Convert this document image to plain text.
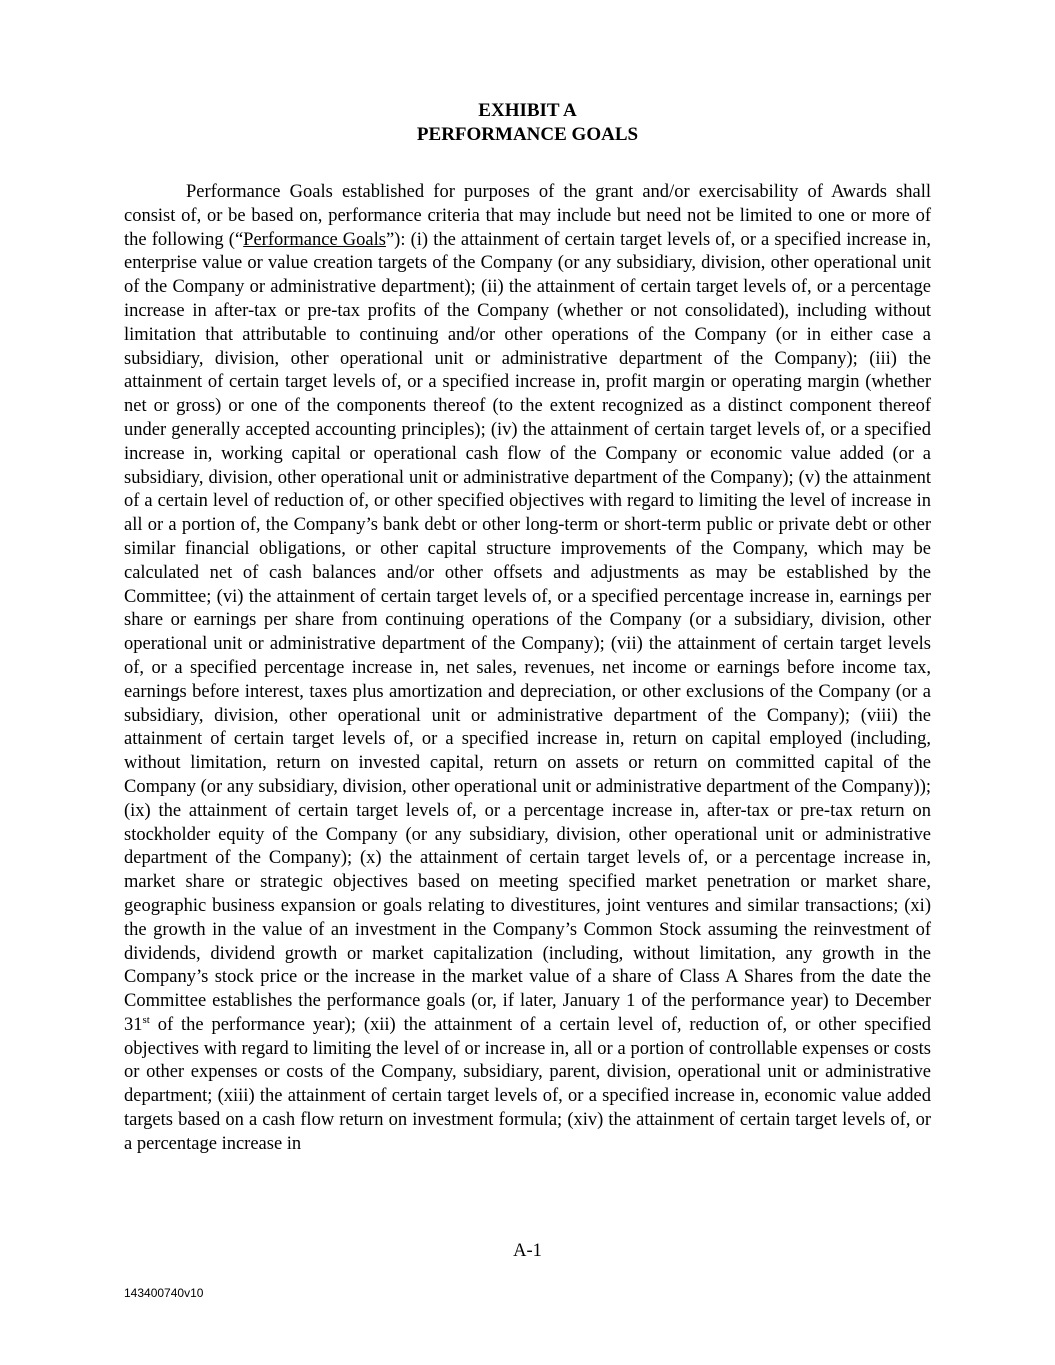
EXHIBIT A
PERFORMANCE GOALS

Performance Goals established for purposes of the grant and/or exercisability of Awards shall consist of, or be based on, performance criteria that may include but need not be limited to one or more of the following (“Performance Goals”): (i) the attainment of certain target levels of, or a specified increase in, enterprise value or value creation targets of the Company (or any subsidiary, division, other operational unit of the Company or administrative department); (ii) the attainment of certain target levels of, or a percentage increase in after-tax or pre-tax profits of the Company (whether or not consolidated), including without limitation that attributable to continuing and/or other operations of the Company (or in either case a subsidiary, division, other operational unit or administrative department of the Company); (iii) the attainment of certain target levels of, or a specified increase in, profit margin or operating margin (whether net or gross) or one of the components thereof (to the extent recognized as a distinct component thereof under generally accepted accounting principles); (iv) the attainment of certain target levels of, or a specified increase in, working capital or operational cash flow of the Company or economic value added (or a subsidiary, division, other operational unit or administrative department of the Company); (v) the attainment of a certain level of reduction of, or other specified objectives with regard to limiting the level of increase in all or a portion of, the Company’s bank debt or other long-term or short-term public or private debt or other similar financial obligations, or other capital structure improvements of the Company, which may be calculated net of cash balances and/or other offsets and adjustments as may be established by the Committee; (vi) the attainment of certain target levels of, or a specified percentage increase in, earnings per share or earnings per share from continuing operations of the Company (or a subsidiary, division, other operational unit or administrative department of the Company); (vii) the attainment of certain target levels of, or a specified percentage increase in, net sales, revenues, net income or earnings before income tax, earnings before interest, taxes plus amortization and depreciation, or other exclusions of the Company (or a subsidiary, division, other operational unit or administrative department of the Company); (viii) the attainment of certain target levels of, or a specified increase in, return on capital employed (including, without limitation, return on invested capital, return on assets or return on committed capital of the Company (or any subsidiary, division, other operational unit or administrative department of the Company)); (ix) the attainment of certain target levels of, or a percentage increase in, after-tax or pre-tax return on stockholder equity of the Company (or any subsidiary, division, other operational unit or administrative department of the Company); (x) the attainment of certain target levels of, or a percentage increase in, market share or strategic objectives based on meeting specified market penetration or market share, geographic business expansion or goals relating to divestitures, joint ventures and similar transactions; (xi) the growth in the value of an investment in the Company’s Common Stock assuming the reinvestment of dividends, dividend growth or market capitalization (including, without limitation, any growth in the Company’s stock price or the increase in the market value of a share of Class A Shares from the date the Committee establishes the performance goals (or, if later, January 1 of the performance year) to December 31st of the performance year); (xii) the attainment of a certain level of, reduction of, or other specified objectives with regard to limiting the level of or increase in, all or a portion of controllable expenses or costs or other expenses or costs of the Company, subsidiary, parent, division, operational unit or administrative department; (xiii) the attainment of certain target levels of, or a specified increase in, economic value added targets based on a cash flow return on investment formula; (xiv) the attainment of certain target levels of, or a percentage increase in

A-1

143400740v10
